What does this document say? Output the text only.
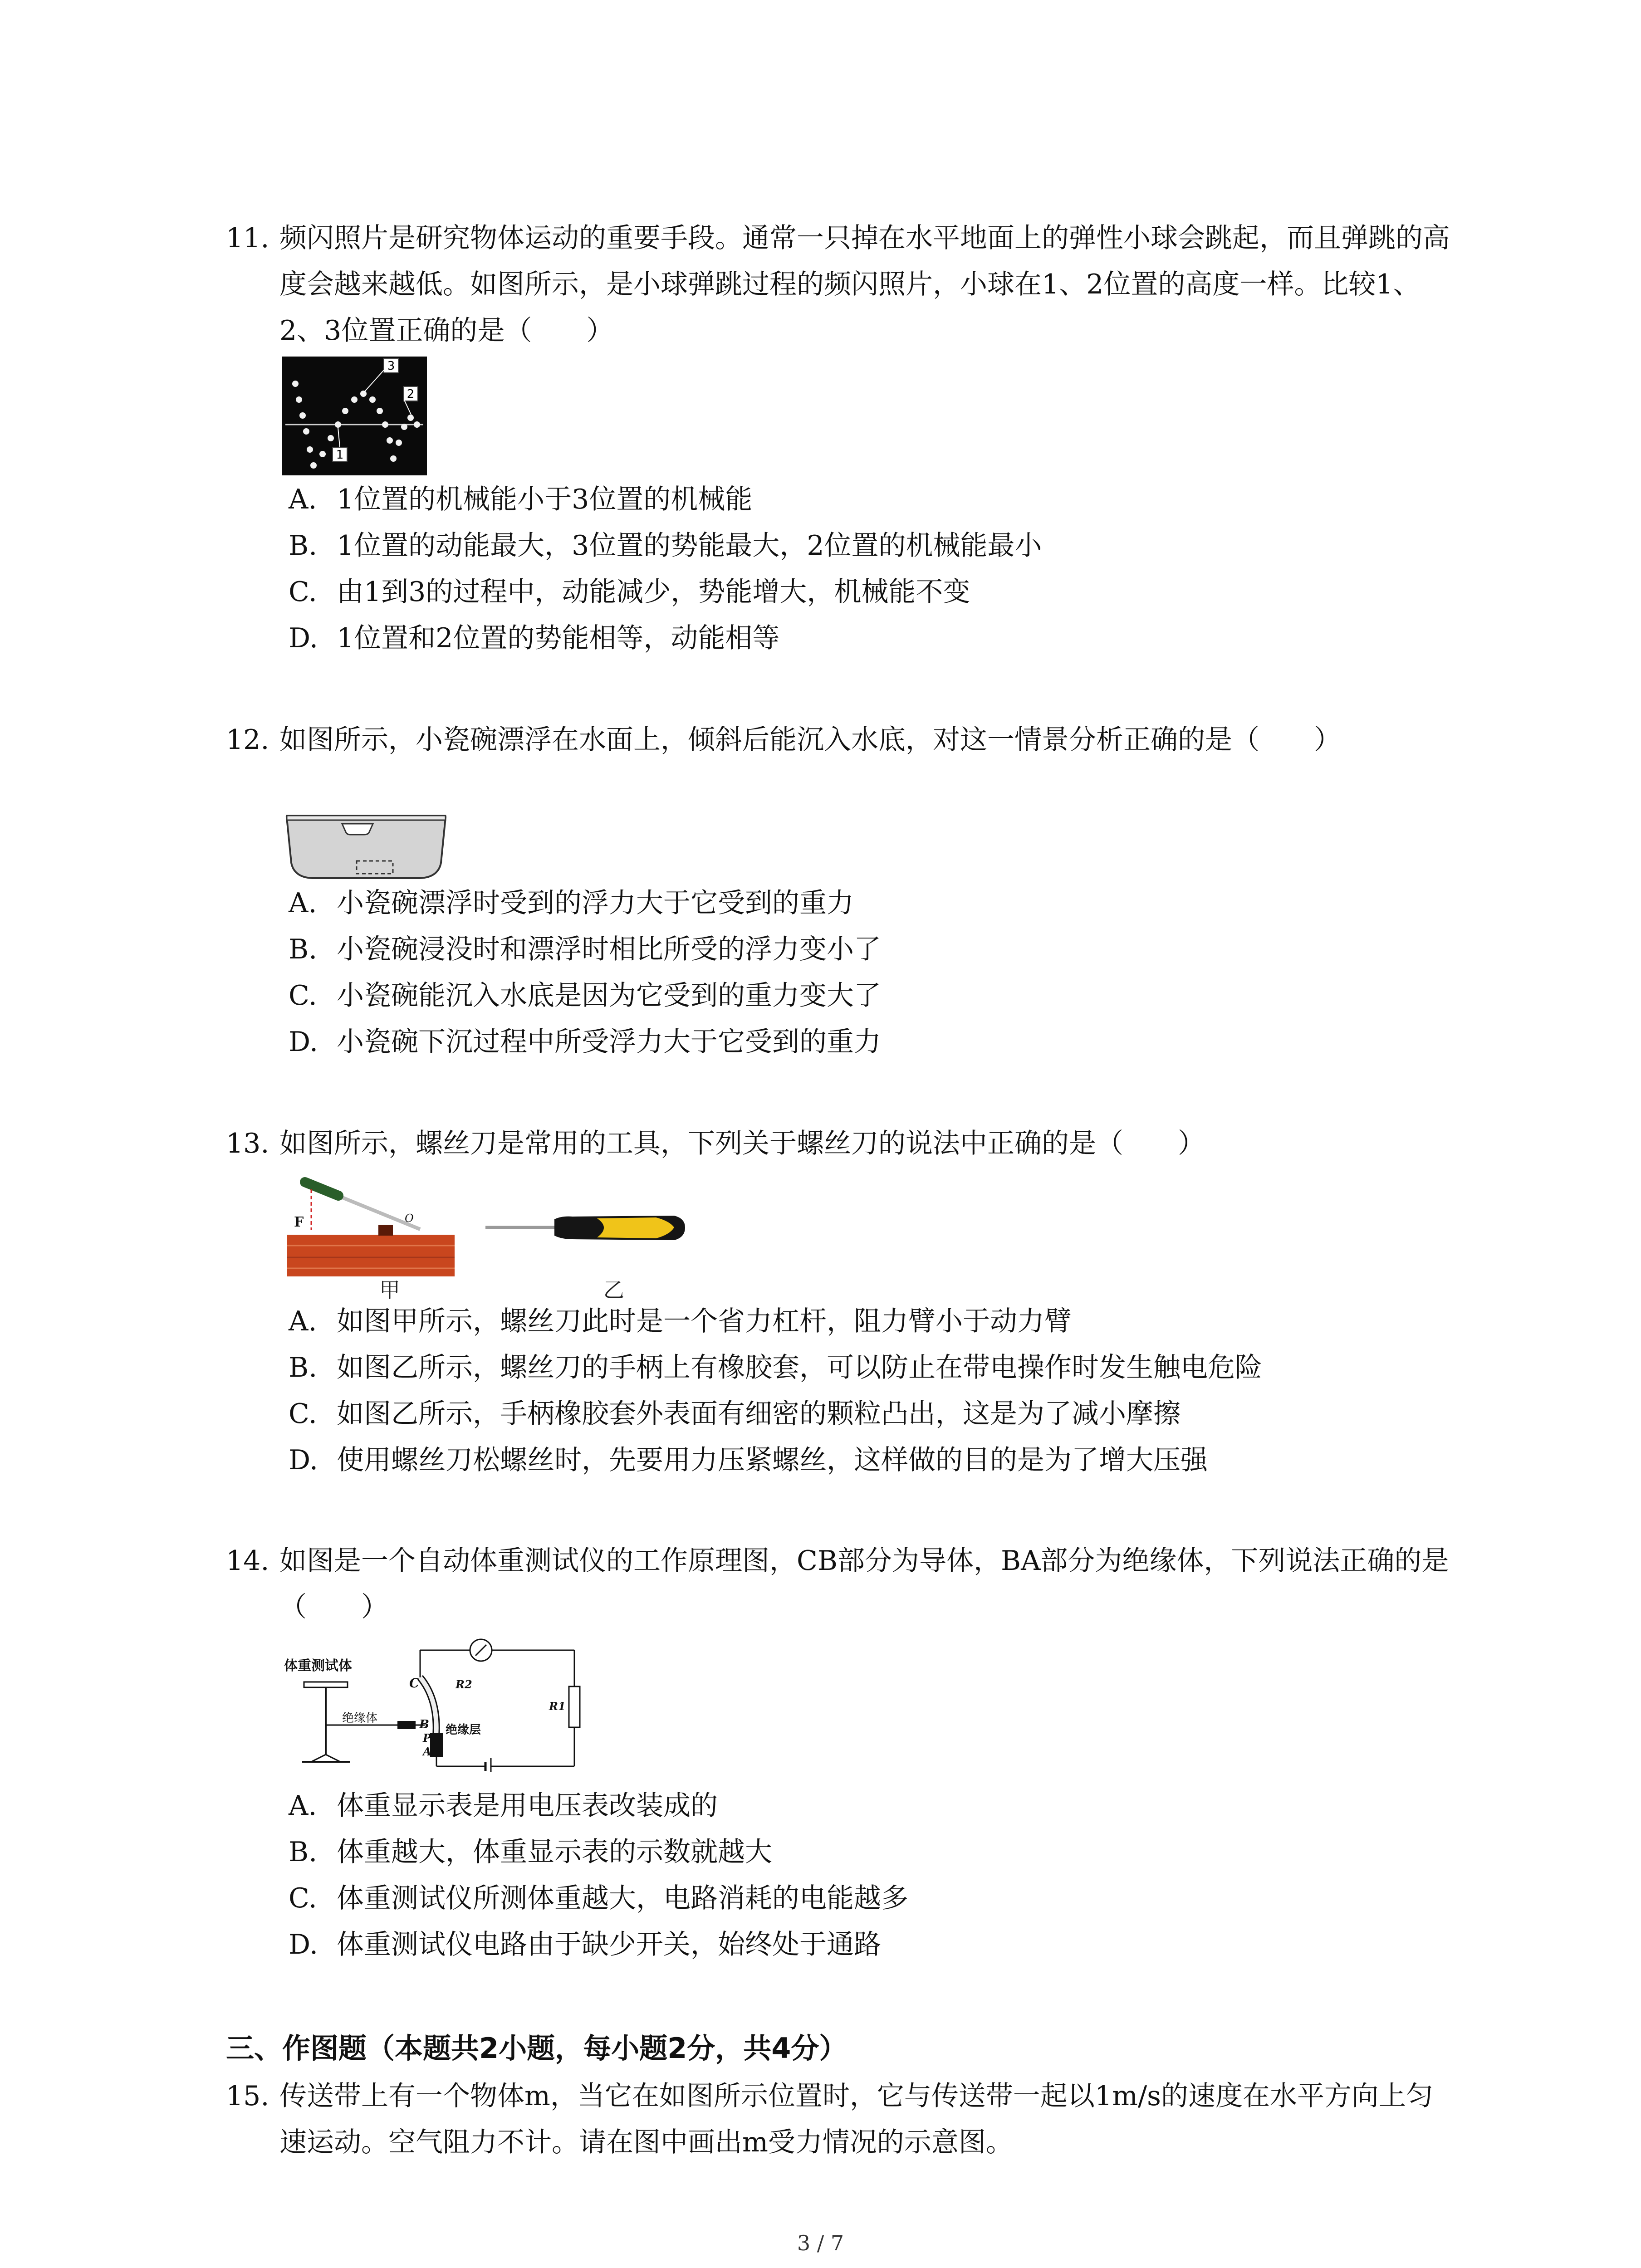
11. 频闪照片是研究物体运动的重要手段。通常一只掉在水平地面上的弹性小球会跳起，而且弹跳的高度会越来越低。如图所示，是小球弹跳过程的频闪照片，小球在1、2位置的高度一样。比较1、2、3位置正确的是（　　）
3
2
1
A. 1位置的机械能小于3位置的机械能
B. 1位置的动能最大，3位置的势能最大，2位置的机械能最小
C. 由1到3的过程中，动能减少，势能增大，机械能不变
D. 1位置和2位置的势能相等，动能相等
12. 如图所示，小瓷碗漂浮在水面上，倾斜后能沉入水底，对这一情景分析正确的是（　　）
A. 小瓷碗漂浮时受到的浮力大于它受到的重力
B. 小瓷碗浸没时和漂浮时相比所受的浮力变小了
C. 小瓷碗能沉入水底是因为它受到的重力变大了
D. 小瓷碗下沉过程中所受浮力大于它受到的重力
13. 如图所示，螺丝刀是常用的工具，下列关于螺丝刀的说法中正确的是（　　）
F	O
甲	乙
A. 如图甲所示，螺丝刀此时是一个省力杠杆，阻力臂小于动力臂
B. 如图乙所示，螺丝刀的手柄上有橡胶套，可以防止在带电操作时发生触电危险
C. 如图乙所示，手柄橡胶套外表面有细密的颗粒凸出，这是为了减小摩擦
D. 使用螺丝刀松螺丝时，先要用力压紧螺丝，这样做的目的是为了增大压强
14. 如图是一个自动体重测试仪的工作原理图，CB部分为导体，BA部分为绝缘体，下列说法正确的是（　　）
体重测试体
绝缘体
C
B
P
A
绝缘层
R2
R1
A. 体重显示表是用电压表改装成的
B. 体重越大，体重显示表的示数就越大
C. 体重测试仪所测体重越大，电路消耗的电能越多
D. 体重测试仪电路由于缺少开关，始终处于通路
三、作图题（本题共2小题，每小题2分，共4分）
15. 传送带上有一个物体m，当它在如图所示位置时，它与传送带一起以1m/s的速度在水平方向上匀速运动。空气阻力不计。请在图中画出m受力情况的示意图。
3 / 7
